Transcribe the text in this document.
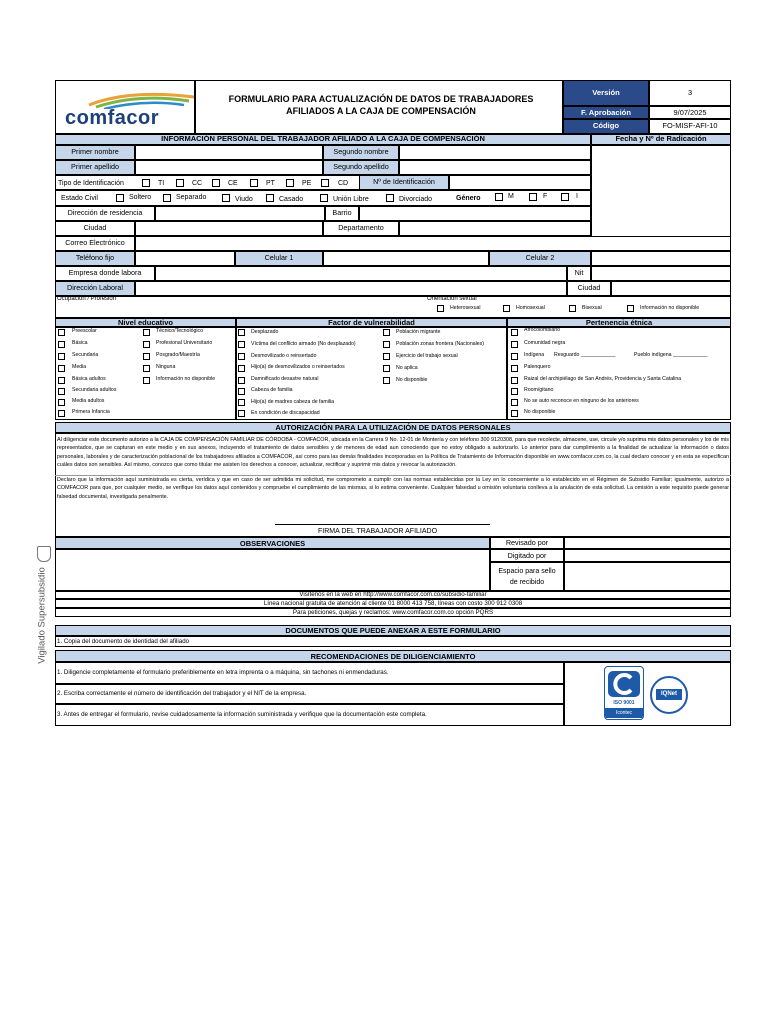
Vigilado Supersubsidio
comfacor
FORMULARIO PARA ACTUALIZACIÓN DE DATOS DE TRABAJADORES AFILIADOS A LA CAJA DE COMPENSACIÓN
Versión	3
F. Aprobación	9/07/2025
Código	FO-MISF-AFI-10
INFORMACIÓN PERSONAL DEL TRABAJADOR AFILIADO A LA CAJA DE COMPENSACIÓN	Fecha y Nº de Radicación
Primer nombre	Segundo nombre
Primer apellido	Segundo apellido
Tipo de Identificación	TI	CC	CE	PT	PE	CD	Nº de Identificación
Estado Civil	Soltero	Separado	Viudo	Casado	Unión Libre	Divorciado	Género	M	F	I
Dirección de residencia	Barrio
Ciudad	Departamento
Correo Electrónico
Teléfono fijo	Celular 1	Celular 2
Empresa donde labora	Nit
Dirección Laboral	Ciudad
Ocupación / Profesión	Orientación sexual
Heterosexual	Homosexual	Bisexual	Información no disponible
Nivel educativo	Factor de vulnerabilidad	Pertenencia étnica
Preescolar
Básica
Secundaria
Media
Básica adultos
Secundaria adultos
Media adultos
Primera Infancia
Técnico/Tecnológico
Profesional Universitario
Posgrado/Maestría
Ninguna
Información no disponible
Desplazado
Víctima del conflicto armado (No desplazado)
Desmovilizado o reinsertado
Hijo(a) de desmovilizados o reinsertados
Damnificado desastre natural
Cabeza de familia
Hijo(a) de madres cabeza de familia
En condición de discapacidad
Población migrante
Población zonas frontera (Nacionales)
Ejercicio del trabajo sexual
No aplica
No disponible
Afrocolombiano
Comunidad negra
Indígena Resguardo ____________	Pueblo indígena ____________
Palenquero
Raizal del archipiélago de San Andrés, Providencia y Santa Catalina
Room/gitano
No se auto reconoce en ninguno de los anteriores
No disponible
AUTORIZACIÓN PARA LA UTILIZACIÓN DE DATOS PERSONALES
Al diligenciar este documento autorizo a la CAJA DE COMPENSACIÓN FAMILIAR DE CÓRDOBA - COMFACOR, ubicada en la Carrera 9 No. 12-01 de Montería y con teléfono 300 9120308, para que recolecte, almacene, use, circule y/o suprima mis datos personales y los de mis representados, que se capturan en este medio y en sus anexos, incluyendo el tratamiento de datos sensibles y de menores de edad aun conociendo que no estoy obligado a autorizarlo. Lo anterior para dar cumplimiento a la finalidad de actualizar la información o datos personales, laborales y de caracterización poblacional de los trabajadores afiliados a COMFACOR, así como para las demás finalidades incorporadas en la Política de Tratamiento de Información disponible en www.comfacor.com.co, la cual declaro conocer y en esta se especifican cuáles datos son sensibles. Así mismo, conozco que como titular me asisten los derechos a conocer, actualizar, rectificar y suprimir mis datos y revocar la autorización.
Declaro que la información aquí suministrada es cierta, verídica y que en caso de ser admitida mi solicitud, me comprometo a cumplir con las normas establecidas por la Ley en lo concerniente a lo establecido en el Régimen de Subsidio Familiar; igualmente, autorizo a COMFACOR para que, por cualquier medio, se verifique los datos aquí contenidos y compruebe el cumplimiento de las mismas, si lo estima conveniente. Cualquier falsedad u omisión voluntaria conlleva a la anulación de esta solicitud. La omisión a este requisito puede generar falsedad documental, investigada penalmente.
FIRMA DEL TRABAJADOR AFILIADO
OBSERVACIONES	Revisado por
Digitado por
Espacio para sello de recibido
Visítenos en la web en http://www.comfacor.com.co/subsidio-familiar
Línea nacional gratuita de atención al cliente 01 8000 413 758, líneas con costo 300 912 0308
Para peticiones, quejas y reclamos: www.comfacor.com.co opción PQRS
DOCUMENTOS QUE PUEDE ANEXAR A ESTE FORMULARIO
1. Copia del documento de identidad del afiliado
RECOMENDACIONES DE DILIGENCIAMIENTO
1. Diligencie completamente el formulario preferiblemente en letra imprenta o a máquina, sin tachones ni enmendaduras.
2. Escriba correctamente el número de identificación del trabajador y el NIT de la empresa.
3. Antes de entregar el formulario, revise cuidadosamente la información suministrada y verifique que la documentación este completa.
ISO 9001
Icontec
IQNet
